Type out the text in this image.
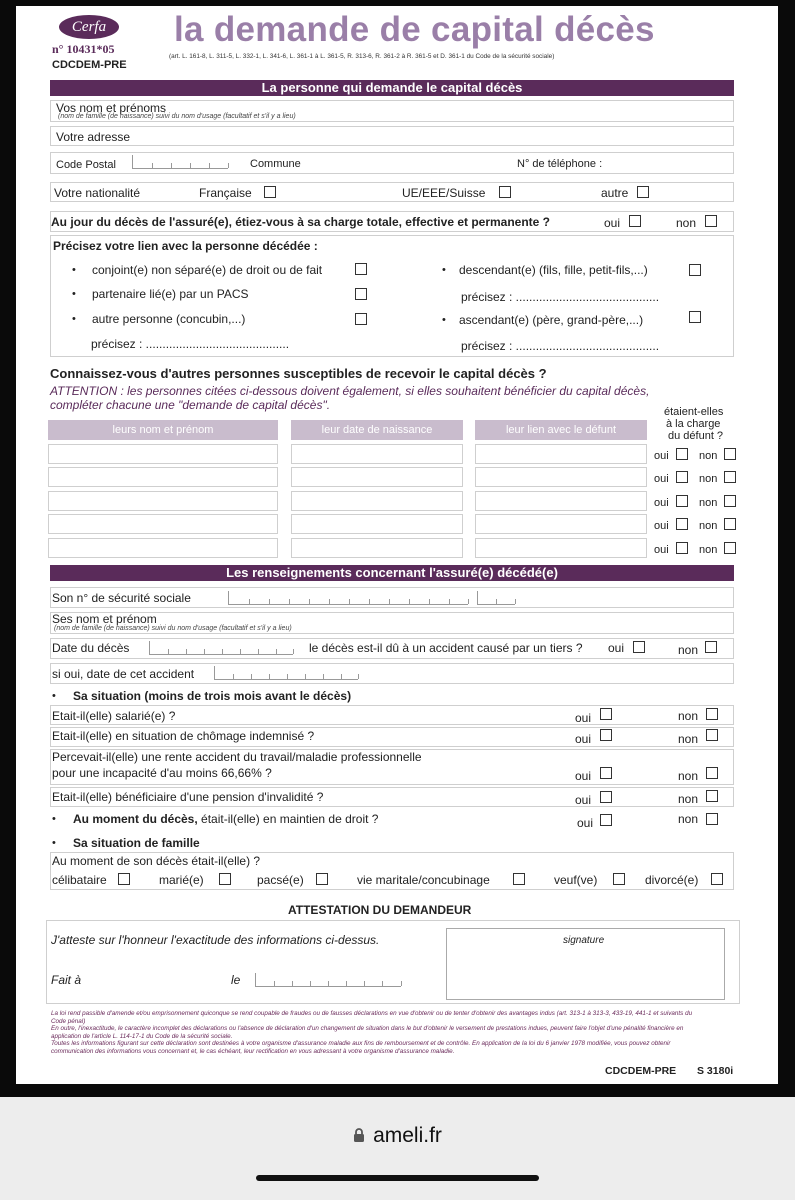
Cerfa
n° 10431*05
CDCDEM-PRE
la demande de capital décès
(art. L. 161-8, L. 311-5, L. 332-1, L. 341-6, L. 361-1 à L. 361-5, R. 313-6, R. 361-2 à R. 361-5 et D. 361-1 du Code de la sécurité sociale)
La personne qui demande le capital décès
Vos nom et prénoms
(nom de famille (de naissance) suivi du nom d'usage (facultatif et s'il y a lieu)
Votre adresse
Code Postal	Commune	N° de téléphone :
Votre nationalité	Française	UE/EEE/Suisse	autre
Au jour du décès de l'assuré(e), étiez-vous à sa charge totale, effective et permanente ?	oui	non
Précisez votre lien avec la personne décédée :
• conjoint(e) non séparé(e) de droit ou de fait
• partenaire lié(e) par un PACS
• autre personne (concubin,...)
précisez : ...........................................
• descendant(e) (fils, fille, petit-fils,...)
précisez : ...........................................
• ascendant(e) (père, grand-père,...)
précisez : ...........................................
Connaissez-vous d'autres personnes susceptibles de recevoir le capital décès ?
ATTENTION : les personnes citées ci-dessous doivent également, si elles souhaitent bénéficier du capital décès,
compléter chacune une "demande de capital décès".
leurs nom et prénom	leur date de naissance	leur lien avec le défunt
étaient-elles
à la charge
du défunt ?
oui	non
oui	non
oui	non
oui	non
oui	non
Les renseignements concernant l'assuré(e) décédé(e)
Son n° de sécurité sociale
Ses nom et prénom
(nom de famille (de naissance) suivi du nom d'usage (facultatif et s'il y a lieu)
Date du décès	le décès est-il dû à un accident causé par un tiers ? oui	non
si oui, date de cet accident
• Sa situation (moins de trois mois avant le décès)
Etait-il(elle) salarié(e) ?	oui	non
Etait-il(elle) en situation de chômage indemnisé ?	oui	non
Percevait-il(elle) une rente accident du travail/maladie professionnelle
pour une incapacité d'au moins 66,66% ?	oui	non
Etait-il(elle) bénéficiaire d'une pension d'invalidité ?	oui	non
• Au moment du décès, était-il(elle) en maintien de droit ?	oui	non
• Sa situation de famille
Au moment de son décès était-il(elle) ?
célibataire	marié(e)	pacsé(e)	vie maritale/concubinage	veuf(ve)	divorcé(e)
ATTESTATION DU DEMANDEUR
J'atteste sur l'honneur l'exactitude des informations ci-dessus.
Fait à	le
signature
La loi rend passible d'amende et/ou emprisonnement quiconque se rend coupable de fraudes ou de fausses déclarations en vue d'obtenir ou de tenter d'obtenir des avantages indus (art. 313-1 à 313-3, 433-19, 441-1 et suivants du Code pénal)
En outre, l'inexactitude, le caractère incomplet des déclarations ou l'absence de déclaration d'un changement de situation dans le but d'obtenir le versement de prestations indues, peuvent faire l'objet d'une pénalité financière en application de l'article L. 114-17-1 du Code de la sécurité sociale.
Toutes les informations figurant sur cette déclaration sont destinées à votre organisme d'assurance maladie aux fins de remboursement et de contrôle. En application de la loi du 6 janvier 1978 modifiée, vous pouvez obtenir communication des informations vous concernant et, le cas échéant, leur rectification en vous adressant à votre organisme d'assurance maladie.
CDCDEM-PRE S 3180i
ameli.fr
